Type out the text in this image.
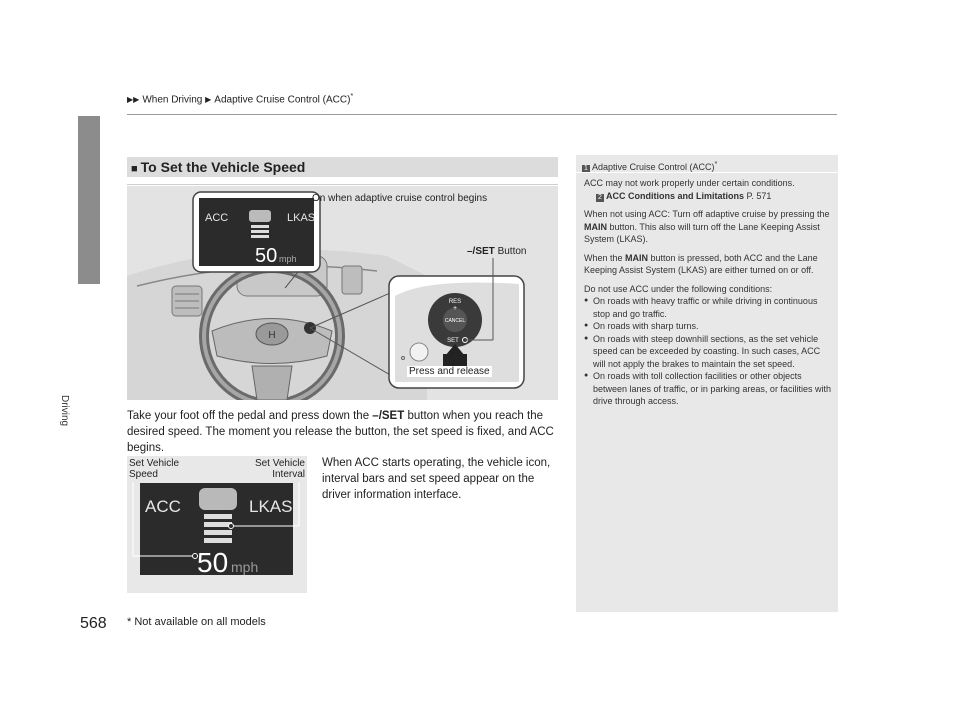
▶▶ When Driving ▶ Adaptive Cruise Control (ACC)*
Driving
568
■ To Set the Vehicle Speed
H
ACC	LKAS
50 mph
RES
+
CANCEL
SET
On when adaptive cruise control begins
–/SET Button
Press and release
Take your foot off the pedal and press down the –/SET button when you reach the desired speed. The moment you release the button, the set speed is fixed, and ACC begins.
When ACC starts operating, the vehicle icon, interval bars and set speed appear on the driver information interface.
Set Vehicle Speed
Set Vehicle Interval
ACC	LKAS
50 mph
1 Adaptive Cruise Control (ACC)*

ACC may not work properly under certain conditions.
2 ACC Conditions and Limitations P. 571

When not using ACC: Turn off adaptive cruise by pressing the MAIN button. This also will turn off the Lane Keeping Assist System (LKAS).

When the MAIN button is pressed, both ACC and the Lane Keeping Assist System (LKAS) are either turned on or off.

Do not use ACC under the following conditions:

● On roads with heavy traffic or while driving in continuous stop and go traffic.
● On roads with sharp turns.
● On roads with steep downhill sections, as the set vehicle speed can be exceeded by coasting. In such cases, ACC will not apply the brakes to maintain the set speed.
● On roads with toll collection facilities or other objects between lanes of traffic, or in parking areas, or facilities with drive through access.
* Not available on all models
